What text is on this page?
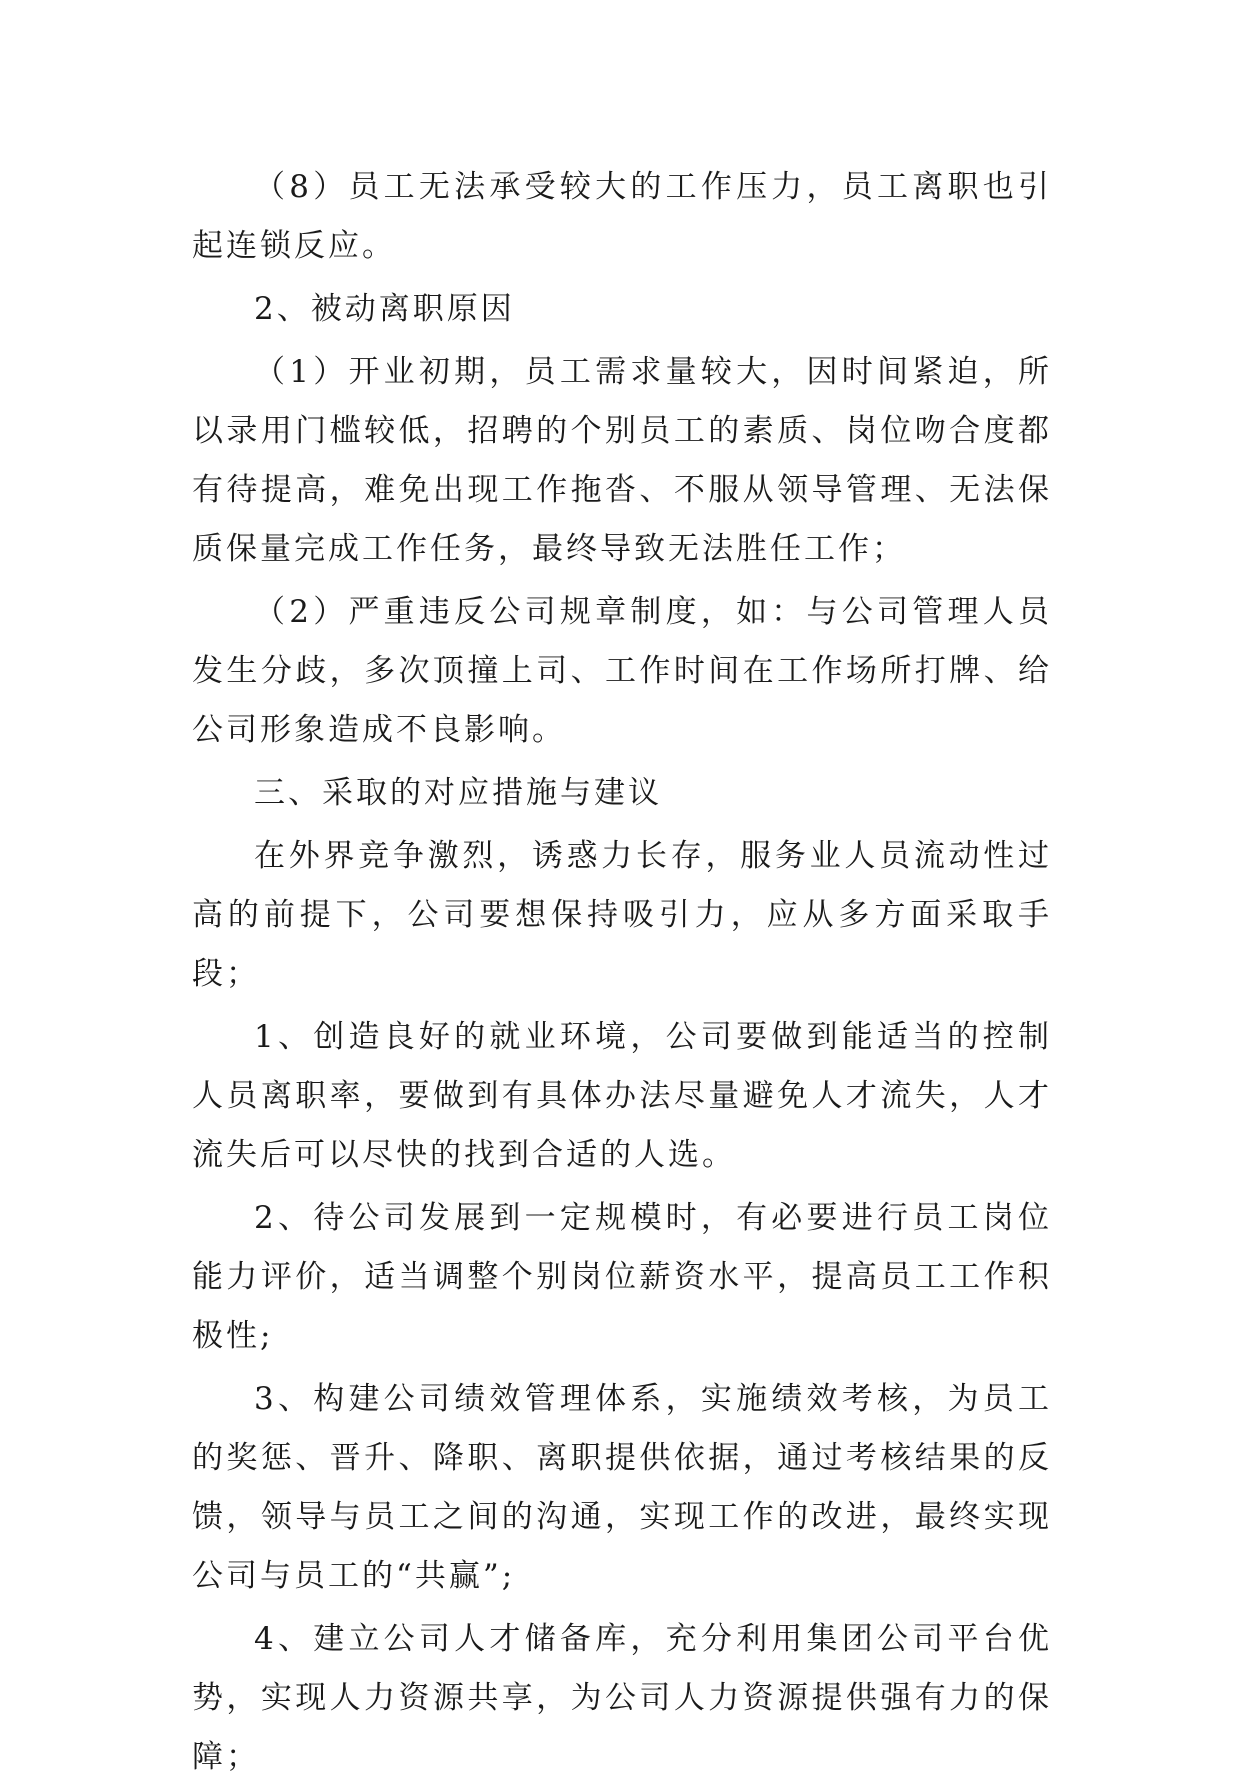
（8）员工无法承受较大的工作压力，员工离职也引起连锁反应。

2、被动离职原因

（1）开业初期，员工需求量较大，因时间紧迫，所以录用门槛较低，招聘的个别员工的素质、岗位吻合度都有待提高，难免出现工作拖沓、不服从领导管理、无法保质保量完成工作任务，最终导致无法胜任工作；

（2）严重违反公司规章制度，如：与公司管理人员发生分歧，多次顶撞上司、工作时间在工作场所打牌、给公司形象造成不良影响。

三、采取的对应措施与建议

在外界竞争激烈，诱惑力长存，服务业人员流动性过高的前提下，公司要想保持吸引力，应从多方面采取手段；

1、创造良好的就业环境，公司要做到能适当的控制人员离职率，要做到有具体办法尽量避免人才流失，人才流失后可以尽快的找到合适的人选。

2、待公司发展到一定规模时，有必要进行员工岗位能力评价，适当调整个别岗位薪资水平，提高员工工作积极性;

3、构建公司绩效管理体系，实施绩效考核，为员工的奖惩、晋升、降职、离职提供依据，通过考核结果的反馈，领导与员工之间的沟通，实现工作的改进，最终实现公司与员工的“共赢”;

4、建立公司人才储备库，充分利用集团公司平台优势，实现人力资源共享，为公司人力资源提供强有力的保障；
